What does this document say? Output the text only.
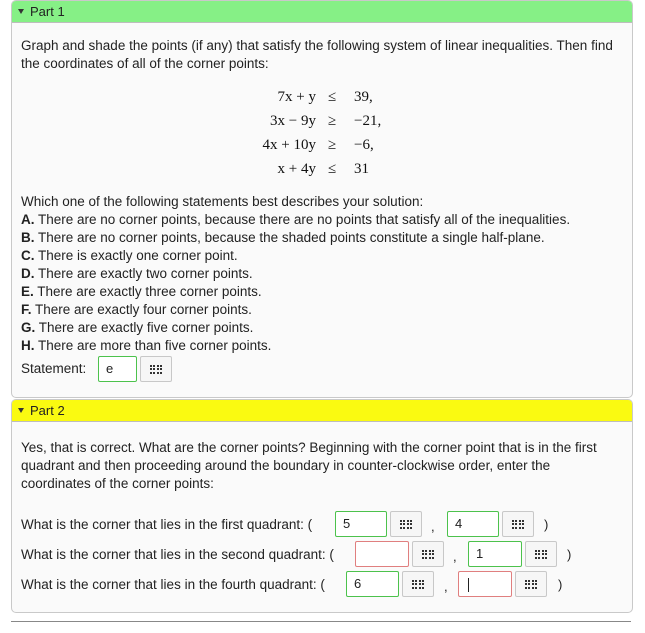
Part 1
Graph and shade the points (if any) that satisfy the following system of linear inequalities. Then find the coordinates of all of the corner points:
7x + y ≤ 39,
3x − 9y ≥ −21,
4x + 10y ≥ −6,
x + 4y ≤ 31
Which one of the following statements best describes your solution:
A. There are no corner points, because there are no points that satisfy all of the inequalities.
B. There are no corner points, because the shaded points constitute a single half-plane.
C. There is exactly one corner point.
D. There are exactly two corner points.
E. There are exactly three corner points.
F. There are exactly four corner points.
G. There are exactly five corner points.
H. There are more than five corner points.
Statement:	e
Part 2
Yes, that is correct. What are the corner points? Beginning with the corner point that is in the first quadrant and then proceeding around the boundary in counter-clockwise order, enter the coordinates of the corner points:
What is the corner that lies in the first quadrant: (	5	,	4	)
What is the corner that lies in the second quadrant: (	,	1	)
What is the corner that lies in the fourth quadrant: (	6	,	)
